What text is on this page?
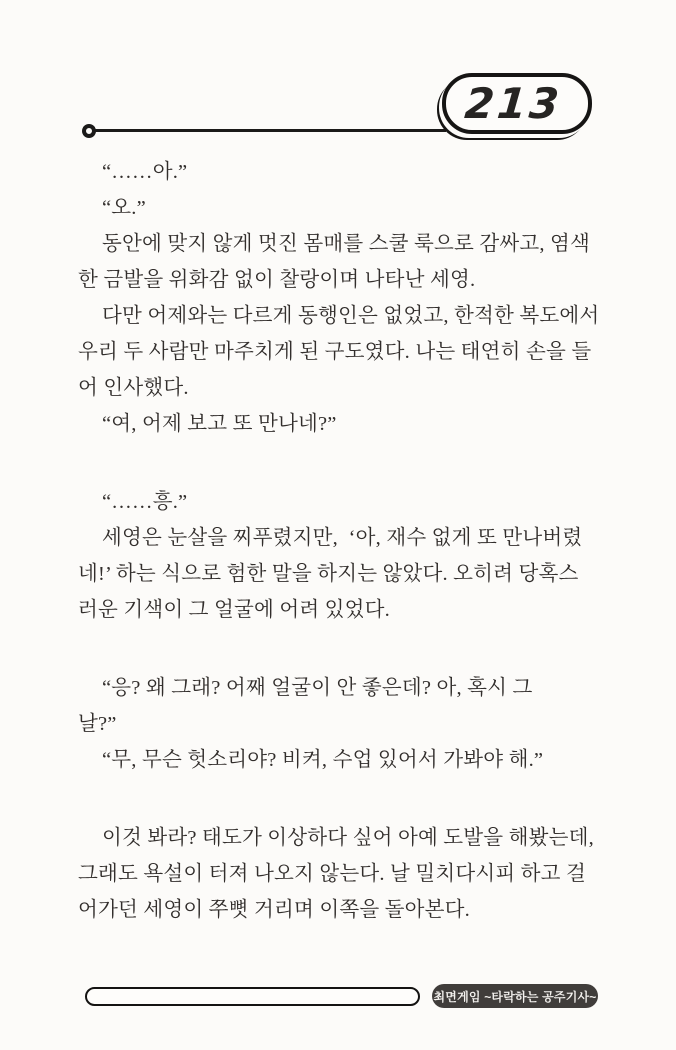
213
“……아.”
“오.”
동안에 맞지 않게 멋진 몸매를 스쿨 룩으로 감싸고, 염색
한 금발을 위화감 없이 찰랑이며 나타난 세영.
다만 어제와는 다르게 동행인은 없었고, 한적한 복도에서
우리 두 사람만 마주치게 된 구도였다. 나는 태연히 손을 들
어 인사했다.
“여, 어제 보고 또 만나네?”
“……흥.”
세영은 눈살을 찌푸렸지만,  ‘아, 재수 없게 또 만나버렸
네!’ 하는 식으로 험한 말을 하지는 않았다. 오히려 당혹스
러운 기색이 그 얼굴에 어려 있었다.
“응? 왜 그래? 어째 얼굴이 안 좋은데? 아, 혹시 그
날?”
“무, 무슨 헛소리야? 비켜, 수업 있어서 가봐야 해.”
이것 봐라? 태도가 이상하다 싶어 아예 도발을 해봤는데,
그래도 욕설이 터져 나오지 않는다. 날 밀치다시피 하고 걸
어가던 세영이 쭈뼛 거리며 이쪽을 돌아본다.
최면게임 ~타락하는 공주기사~
